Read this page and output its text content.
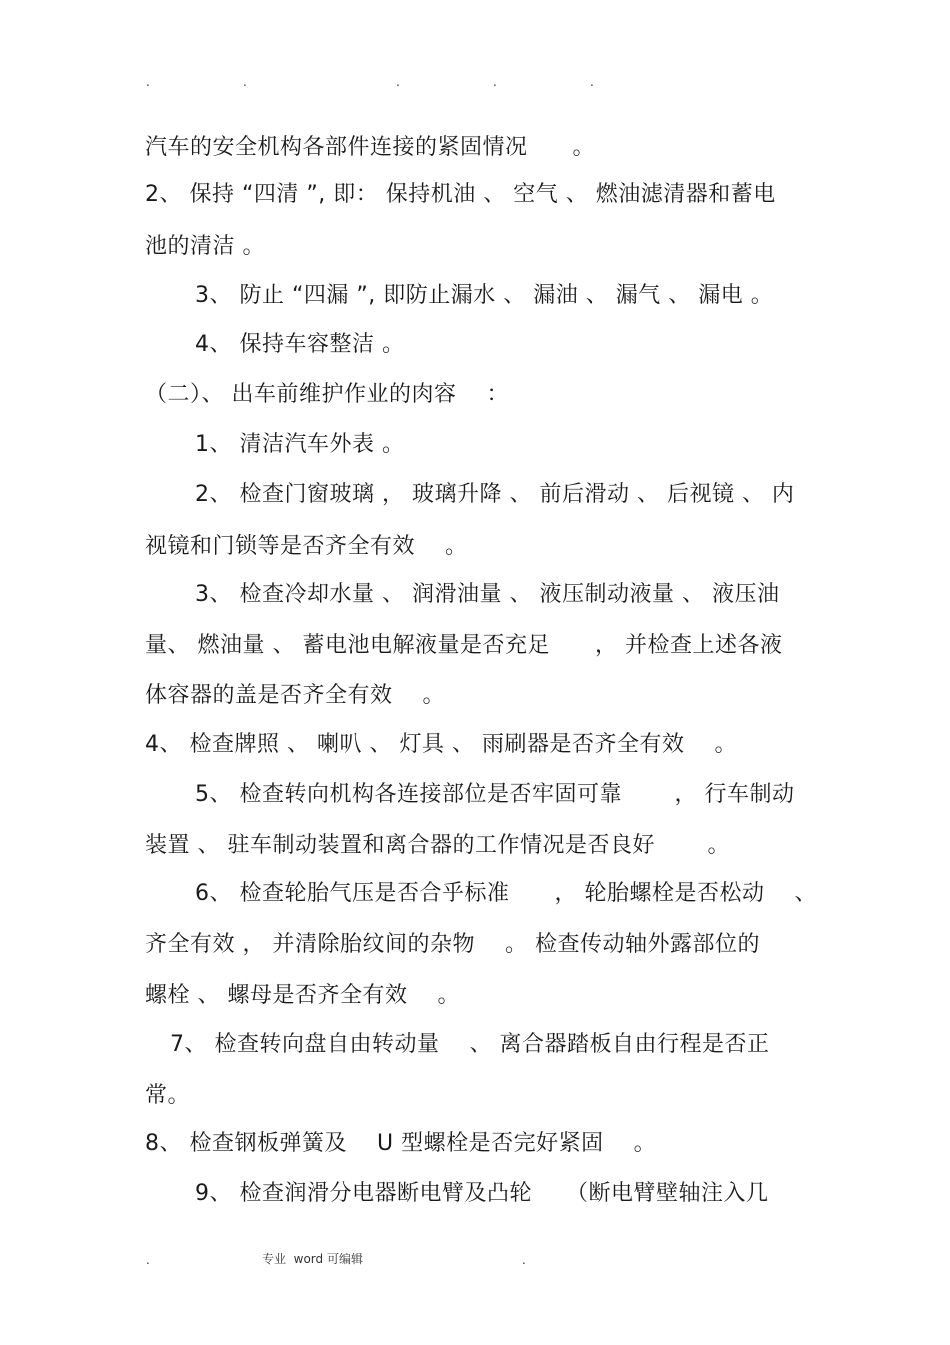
.	.	.	.	.
汽车的安全机构各部件连接的紧固情况　　。
2、 保持 “四清 ”, 即： 保持机油 、 空气 、 燃油滤清器和蓄电
池的清洁 。
3、 防止 “四漏 ”, 即防止漏水 、 漏油 、 漏气 、 漏电 。
4、 保持车容整洁 。
（二）、 出车前维护作业的肉容　 ：
1、 清洁汽车外表 。
2、 检查门窗玻璃 ， 玻璃升降 、 前后滑动 、 后视镜 、 内
视镜和门锁等是否齐全有效　 。
3、 检查冷却水量 、 润滑油量 、 液压制动液量 、 液压油
量、 燃油量 、 蓄电池电解液量是否充足　　， 并检查上述各液
体容器的盖是否齐全有效　 。
4、 检查牌照 、 喇叭 、 灯具 、 雨刷器是否齐全有效　 。
5、 检查转向机构各连接部位是否牢固可靠　　 ， 行车制动
装置 、 驻车制动装置和离合器的工作情况是否良好　　 。
6、 检查轮胎气压是否合乎标准　　， 轮胎螺栓是否松动　 、
齐全有效 ， 并清除胎纹间的杂物　 。 检查传动轴外露部位的
螺栓 、 螺母是否齐全有效　 。
7、 检查转向盘自由转动量　 、 离合器踏板自由行程是否正
常。
8、 检查钢板弹簧及　 U 型螺栓是否完好紧固　 。
9、 检查润滑分电器断电臂及凸轮　　（断电臂壁轴注入几
.	专业  word 可编辑	.
